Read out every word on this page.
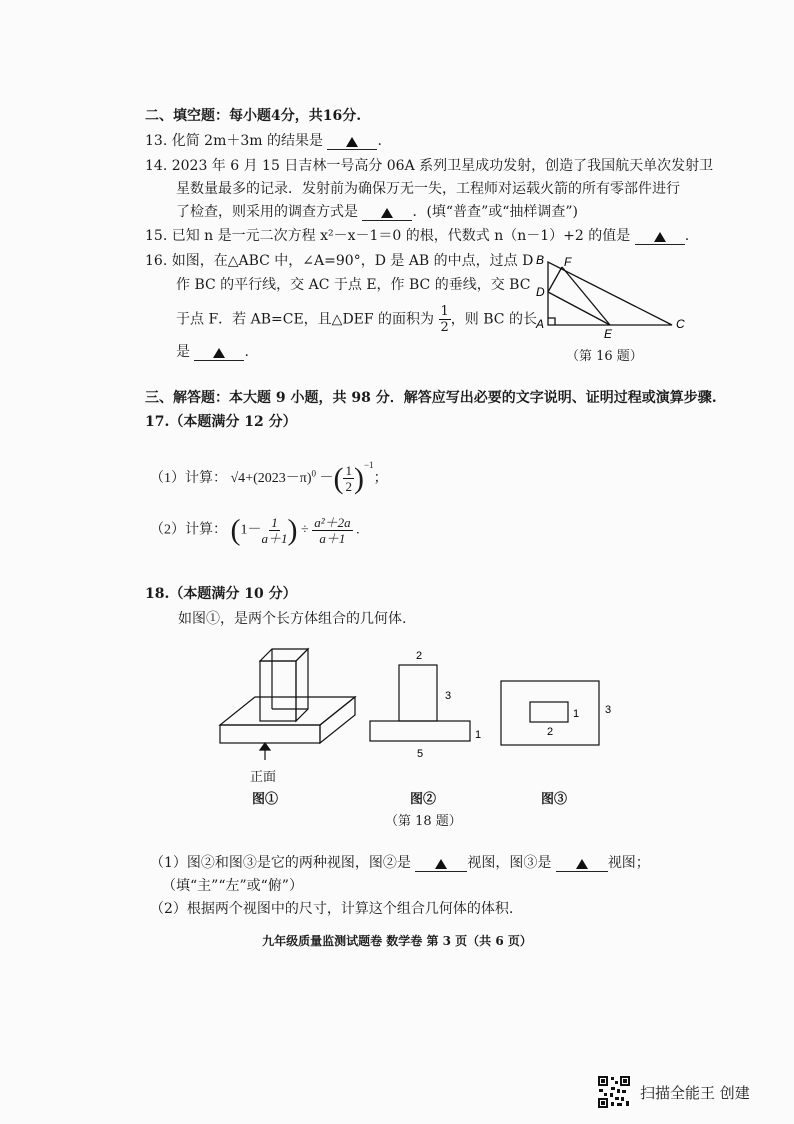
二、填空题：每小题4分，共16分.
13. 化简 2m＋3m 的结果是	.
14. 2023 年 6 月 15 日吉林一号高分 06A 系列卫星成功发射，创造了我国航天单次发射卫
星数量最多的记录．发射前为确保万无一失，工程师对运载火箭的所有零部件进行
了检查，则采用的调查方式是	．(填“普查”或“抽样调查”)
15. 已知 n 是一元二次方程 x²－x－1＝0 的根，代数式 n（n－1）+2 的值是	.
16. 如图，在△ABC 中，∠A=90°，D 是 AB 的中点，过点 D
作 BC 的平行线，交 AC 于点 E，作 BC 的垂线，交 BC
于点 F．若 AB=CE，且△DEF 的面积为 $\frac{1}{2}$ ，则 BC 的长
是	.
B F
D
A
E
C
（第 16 题）
三、解答题：本大题 9 小题，共 98 分．解答应写出必要的文字说明、证明过程或演算步骤.
17.（本题满分 12 分）
（1）计算： $√4+(2023-\pi)^0$ －( $\frac{1}{2} )^{-1}$；
（2）计算： ($1- \frac{1}{a+1}$ ) ÷ $\frac{\text{a²＋2a}}{a+1}$ .
18.（本题满分 10 分）
如图①，是两个长方体组合的几何体.
正面
图①
2
3
1
5
图②
1
2
3
图③
（第 18 题）
（1）图②和图③是它的两种视图，图②是	视图，图③是	视图；
（填“主”“左”或“俯”）
（2）根据两个视图中的尺寸，计算这个组合几何体的体积.
九年级质量监测试题卷 数学卷 第 3 页（共 6 页）
扫描全能王 创建
